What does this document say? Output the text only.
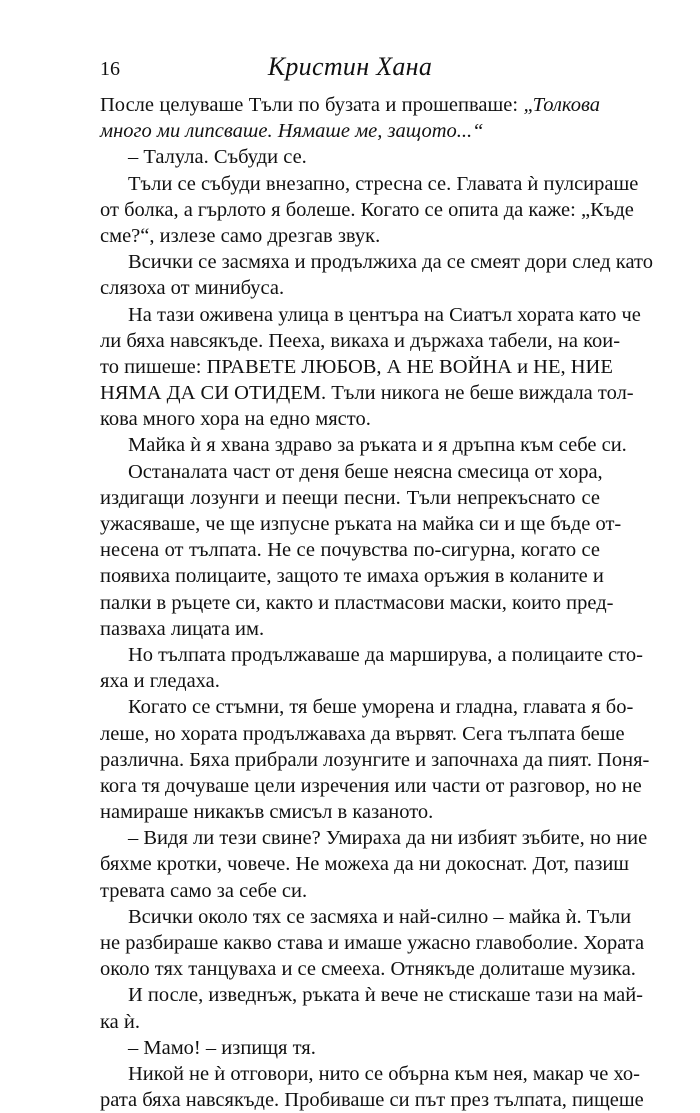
16	Кристин Хана
После целуваше Тъли по бузата и прошепваше: „Толкова
много ми липсваше. Нямаше ме, защото...“
– Талула. Събуди се.
Тъли се събуди внезапно, стресна се. Главата ѝ пулсираше
от болка, а гърлото я болеше. Когато се опита да каже: „Къде
сме?“, излезе само дрезгав звук.
Всички се засмяха и продължиха да се смеят дори след като
слязоха от минибуса.
На тази оживена улица в центъра на Сиатъл хората като че
ли бяха навсякъде. Пееха, викаха и държаха табели, на кои-
то пишеше: ПРАВЕТЕ ЛЮБОВ, А НЕ ВОЙНА и НЕ, НИЕ
НЯМА ДА СИ ОТИДЕМ. Тъли никога не беше виждала тол-
кова много хора на едно място.
Майка ѝ я хвана здраво за ръката и я дръпна към себе си.
Останалата част от деня беше неясна смесица от хора,
издигащи лозунги и пеещи песни. Тъли непрекъснато се
ужасяваше, че ще изпусне ръката на майка си и ще бъде от-
несена от тълпата. Не се почувства по-сигурна, когато се
появиха полицаите, защото те имаха оръжия в коланите и
палки в ръцете си, както и пластмасови маски, които пред-
пазваха лицата им.
Но тълпата продължаваше да марширува, а полицаите сто-
яха и гледаха.
Когато се стъмни, тя беше уморена и гладна, главата я бо-
леше, но хората продължаваха да вървят. Сега тълпата беше
различна. Бяха прибрали лозунгите и започнаха да пият. Поня-
кога тя дочуваше цели изречения или части от разговор, но не
намираше никакъв смисъл в казаното.
– Видя ли тези свине? Умираха да ни избият зъбите, но ние
бяхме кротки, човече. Не можеха да ни докоснат. Дот, пазиш
тревата само за себе си.
Всички около тях се засмяха и най-силно – майка ѝ. Тъли
не разбираше какво става и имаше ужасно главоболие. Хората
около тях танцуваха и се смееха. Отнякъде долиташе музика.
И после, изведнъж, ръката ѝ вече не стискаше тази на май-
ка ѝ.
– Мамо! – изпищя тя.
Никой не ѝ отговори, нито се обърна към нея, макар че хо-
рата бяха навсякъде. Пробиваше си път през тълпата, пищеше
